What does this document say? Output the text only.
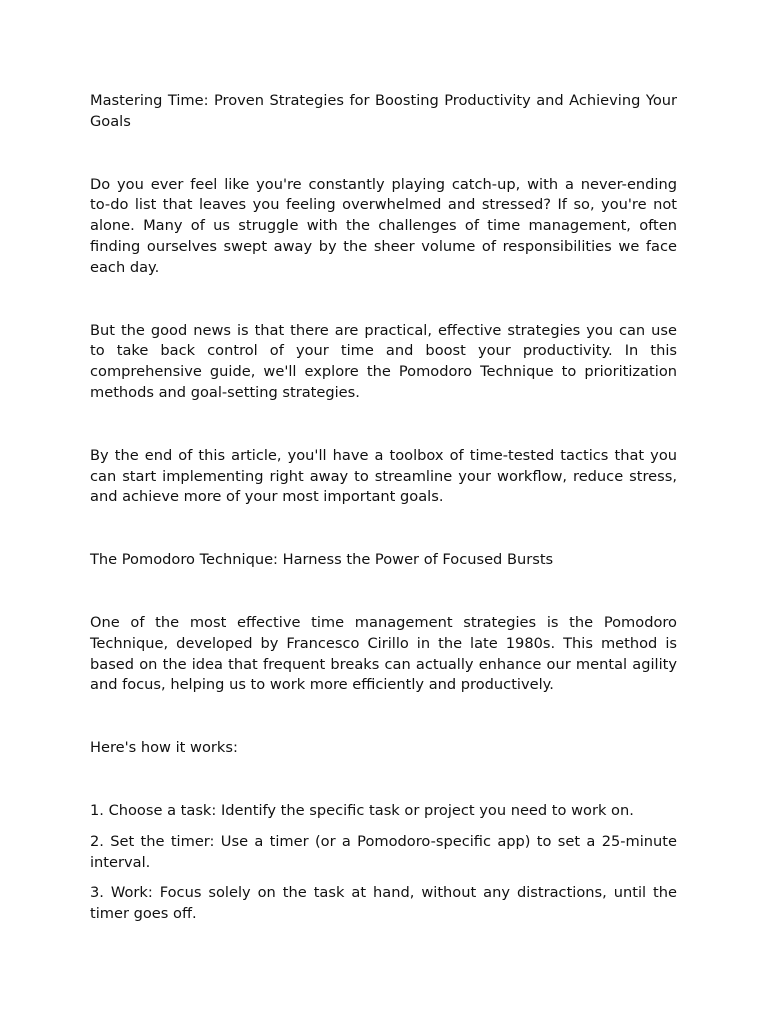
Mastering Time: Proven Strategies for Boosting Productivity and Achieving Your Goals

Do you ever feel like you're constantly playing catch-up, with a never-ending to-do list that leaves you feeling overwhelmed and stressed? If so, you're not alone. Many of us struggle with the challenges of time management, often finding ourselves swept away by the sheer volume of responsibilities we face each day.

But the good news is that there are practical, effective strategies you can use to take back control of your time and boost your productivity. In this comprehensive guide, we'll explore the Pomodoro Technique to prioritization methods and goal-setting strategies.

By the end of this article, you'll have a toolbox of time-tested tactics that you can start implementing right away to streamline your workflow, reduce stress, and achieve more of your most important goals.

The Pomodoro Technique: Harness the Power of Focused Bursts

One of the most effective time management strategies is the Pomodoro Technique, developed by Francesco Cirillo in the late 1980s. This method is based on the idea that frequent breaks can actually enhance our mental agility and focus, helping us to work more efficiently and productively.

Here's how it works:

1. Choose a task: Identify the specific task or project you need to work on.

2. Set the timer: Use a timer (or a Pomodoro-specific app) to set a 25-minute interval.

3. Work: Focus solely on the task at hand, without any distractions, until the timer goes off.
